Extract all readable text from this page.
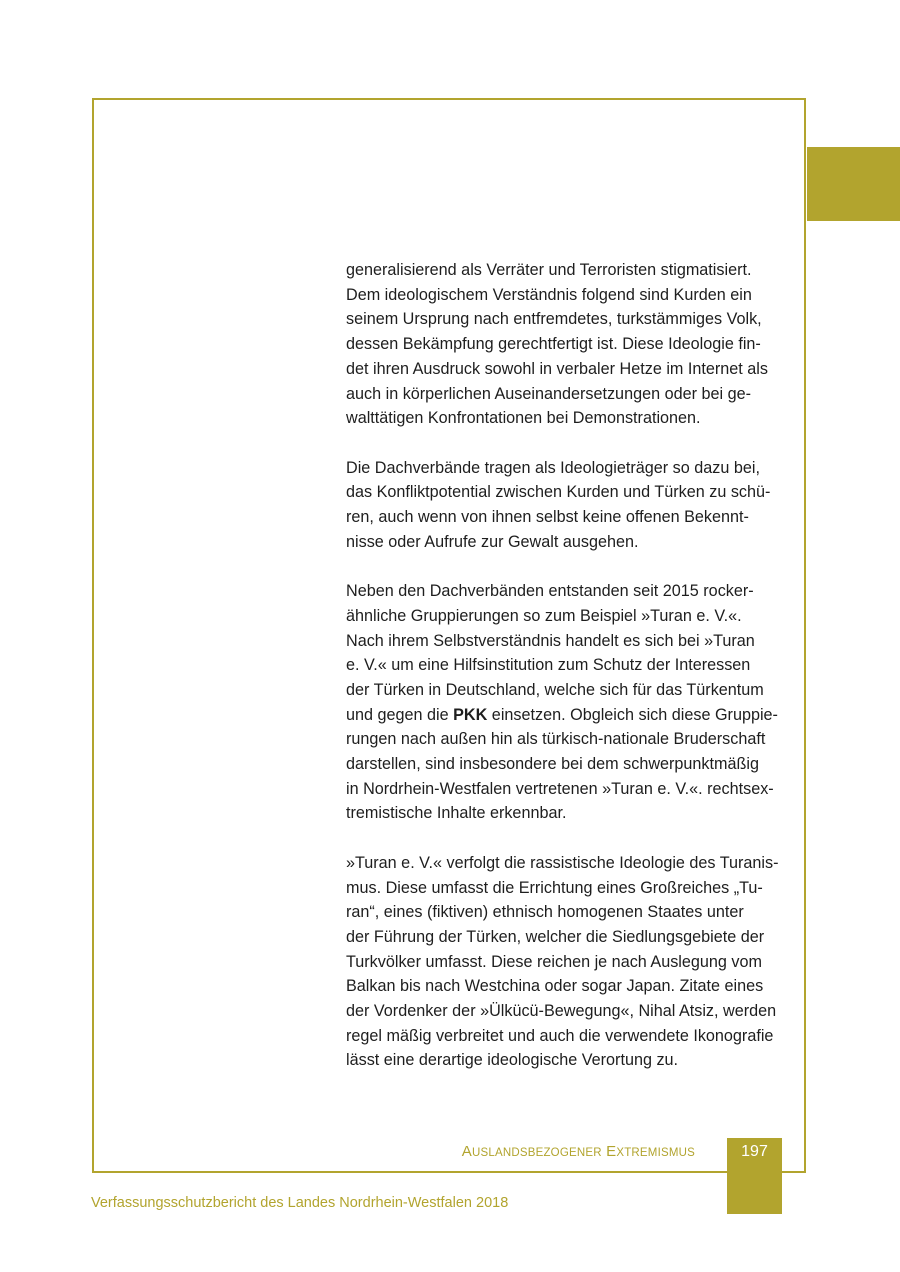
generalisierend als Verräter und Terroristen stigmatisiert.
Dem ideologischem Verständnis folgend sind Kurden ein
seinem Ursprung nach entfremdetes, turkstämmiges Volk,
dessen Bekämpfung gerechtfertigt ist. Diese Ideologie fin-
det ihren Ausdruck sowohl in verbaler Hetze im Internet als
auch in körperlichen Auseinandersetzungen oder bei ge-
walttätigen Konfrontationen bei Demonstrationen.

Die Dachverbände tragen als Ideologieträger so dazu bei,
das Konfliktpotential zwischen Kurden und Türken zu schü-
ren, auch wenn von ihnen selbst keine offenen Bekennt-
nisse oder Aufrufe zur Gewalt ausgehen.

Neben den Dachverbänden entstanden seit 2015 rocker-
ähnliche Gruppierungen so zum Beispiel »Turan e. V.«.
Nach ihrem Selbstverständnis handelt es sich bei »Turan
e. V.« um eine Hilfsinstitution zum Schutz der Interessen
der Türken in Deutschland, welche sich für das Türkentum
und gegen die PKK einsetzen. Obgleich sich diese Gruppie-
rungen nach außen hin als türkisch-nationale Bruderschaft
darstellen, sind insbesondere bei dem schwerpunktmäßig
in Nordrhein-Westfalen vertretenen »Turan e. V.«. rechtsex-
tremistische Inhalte erkennbar.

»Turan e. V.« verfolgt die rassistische Ideologie des Turanis-
mus. Diese umfasst die Errichtung eines Großreiches „Tu-
ran“, eines (fiktiven) ethnisch homogenen Staates unter
der Führung der Türken, welcher die Siedlungsgebiete der
Turkvölker umfasst. Diese reichen je nach Auslegung vom
Balkan bis nach Westchina oder sogar Japan. Zitate eines
der Vordenker der »Ülkücü-Bewegung«, Nihal Atsiz, werden
regel mäßig verbreitet und auch die verwendete Ikonografie
lässt eine derartige ideologische Verortung zu.

AUSLANDSBEZOGENER EXTREMISMUS	197
Verfassungsschutzbericht des Landes Nordrhein-Westfalen 2018
